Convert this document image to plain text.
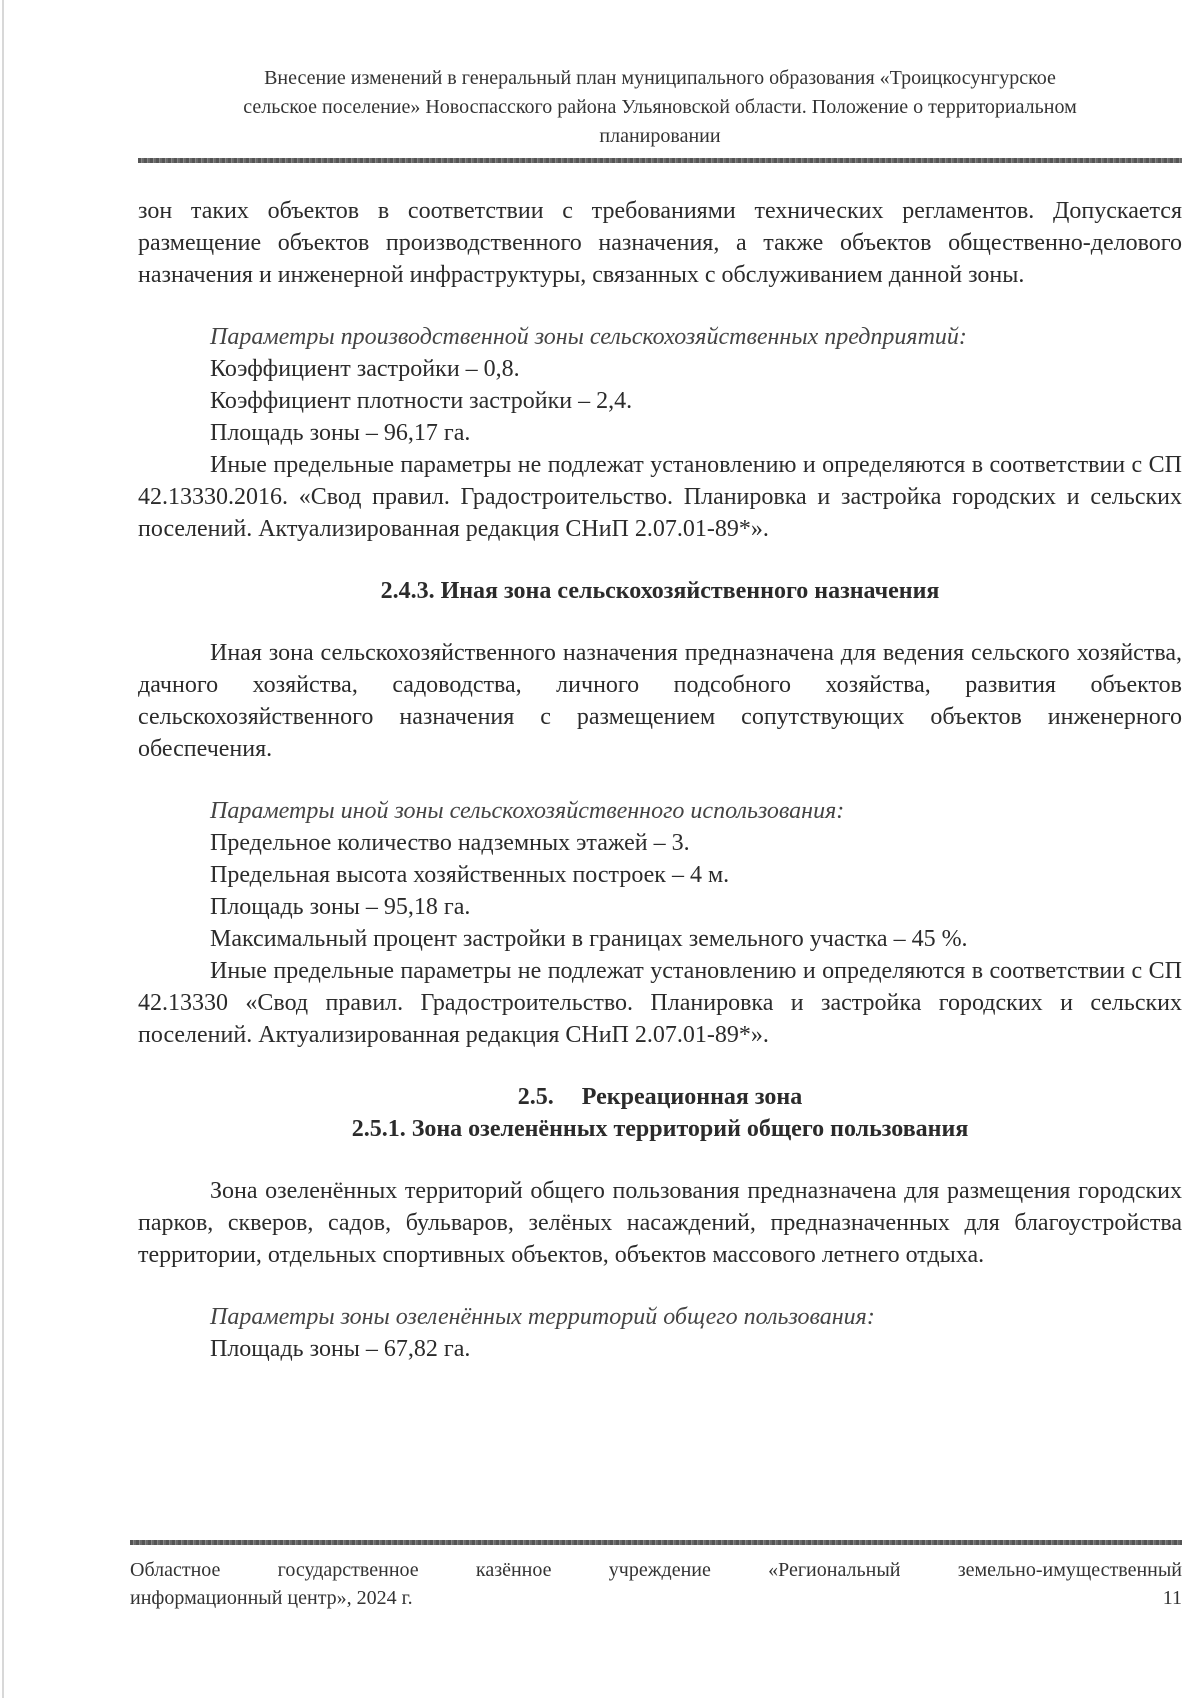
Внесение изменений в генеральный план муниципального образования «Троицкосунгурское
сельское поселение» Новоспасского района Ульяновской области. Положение о территориальном
планировании

зон таких объектов в соответствии с требованиями технических регламентов. Допускается размещение объектов производственного назначения, а также объектов общественно-делового назначения и инженерной инфраструктуры, связанных с обслуживанием данной зоны.

Параметры производственной зоны сельскохозяйственных предприятий:

Коэффициент застройки – 0,8.

Коэффициент плотности застройки – 2,4.

Площадь зоны – 96,17 га.

Иные предельные параметры не подлежат установлению и определяются в соответствии с СП 42.13330.2016. «Свод правил. Градостроительство. Планировка и застройка городских и сельских поселений. Актуализированная редакция СНиП 2.07.01-89*».

2.4.3. Иная зона сельскохозяйственного назначения

Иная зона сельскохозяйственного назначения предназначена для ведения сельского хозяйства, дачного хозяйства, садоводства, личного подсобного хозяйства, развития объектов сельскохозяйственного назначения с размещением сопутствующих объектов инженерного обеспечения.

Параметры иной зоны сельскохозяйственного использования:

Предельное количество надземных этажей – 3.

Предельная высота хозяйственных построек – 4 м.

Площадь зоны – 95,18 га.

Максимальный процент застройки в границах земельного участка – 45 %.

Иные предельные параметры не подлежат установлению и определяются в соответствии с СП 42.13330 «Свод правил. Градостроительство. Планировка и застройка городских и сельских поселений. Актуализированная редакция СНиП 2.07.01-89*».

2.5. Рекреационная зона
2.5.1. Зона озеленённых территорий общего пользования

Зона озеленённых территорий общего пользования предназначена для размещения городских парков, скверов, садов, бульваров, зелёных насаждений, предназначенных для благоустройства территории, отдельных спортивных объектов, объектов массового летнего отдыха.

Параметры зоны озеленённых территорий общего пользования:

Площадь зоны – 67,82 га.

Областное государственное казённое учреждение «Региональный земельно-имущественный
информационный центр», 2024 г.	11
